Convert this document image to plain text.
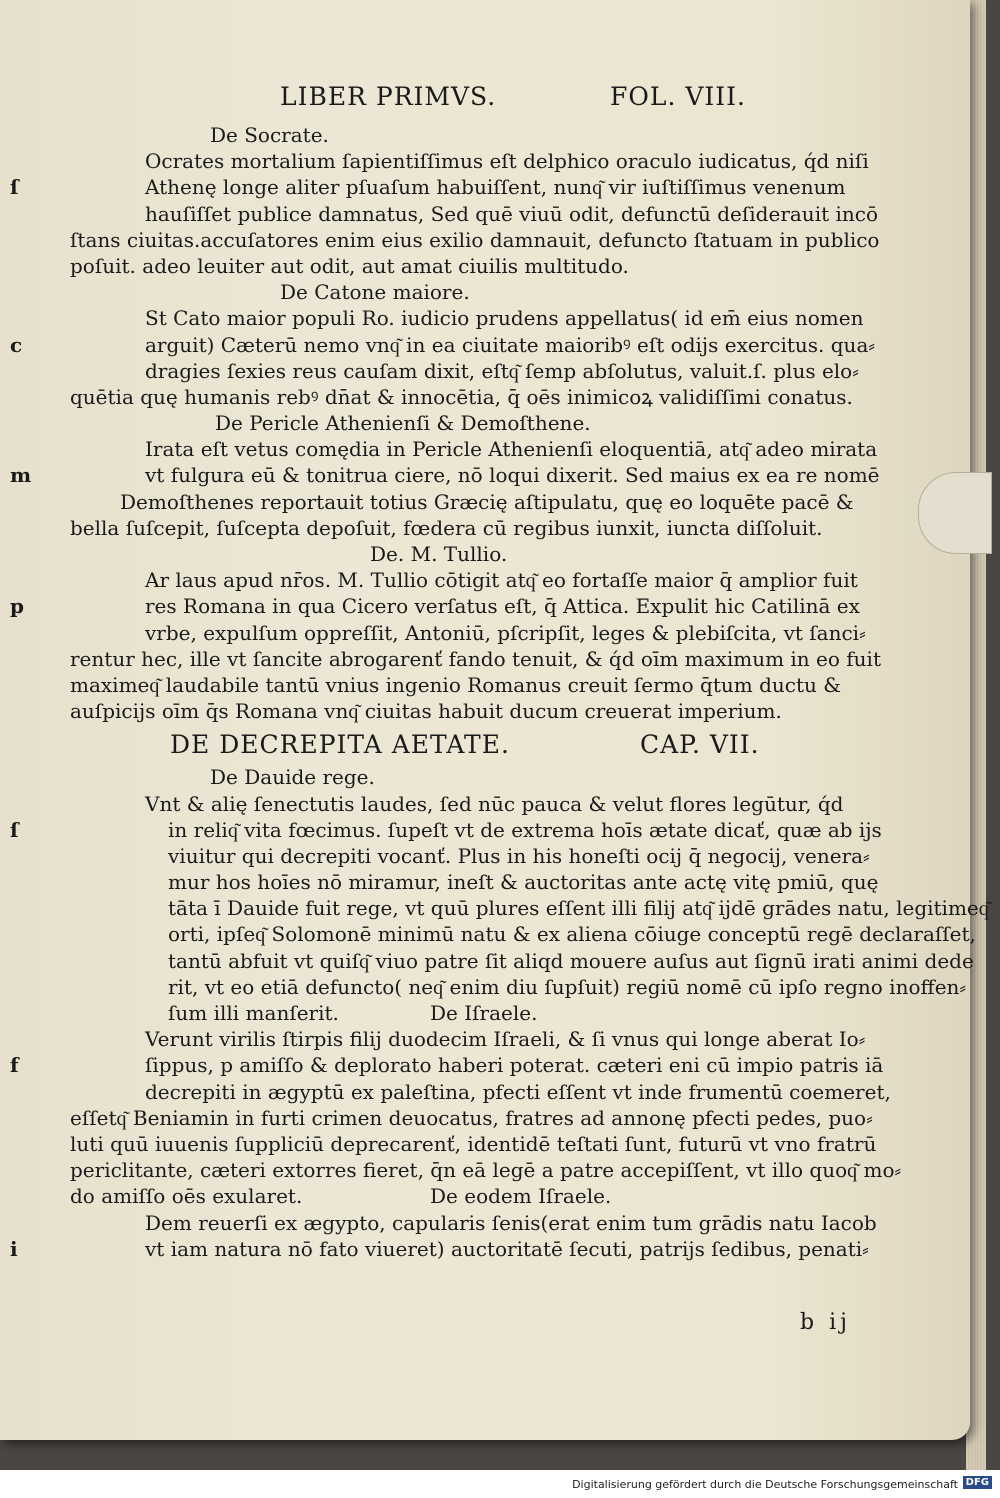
LIBER PRIMVS.	FOL. VIII.
De Socrate.
Ocrates mortalium ſapientiſſimus eſt delphico oraculo iudicatus, q́d niſi
Athenę longe aliter pſuaſum habuiſſent, nunq͂ vir iuſtiſſimus venenum
ſ
hauſiſſet publice damnatus, Sed quē viuū odit, defunctū deſiderauit incō
ſtans ciuitas.accuſatores enim eius exilio damnauit, defuncto ſtatuam in publico
poſuit. adeo leuiter aut odit, aut amat ciuilis multitudo.
De Catone maiore.
St Cato maior populi Ro. iudicio prudens appellatus( id em̄ eius nomen
arguit) Cæterū nemo vnq͂ in ea ciuitate maioribꝰ eſt odijs exercitus. qua⸗
c
dragies ſexies reus cauſam dixit, eſtq͂ ſemp abſolutus, valuit.ſ. plus elo⸗
quētia quę humanis rebꝰ dn̄at & innocētia, q̄ oēs inimicoꝝ validiſſimi conatus.
De Pericle Athenienſi & Demoſthene.
Irata eſt vetus comędia in Pericle Athenienſi eloquentiā, atq͂ adeo mirata
vt fulgura eū & tonitrua ciere, nō loqui dixerit. Sed maius ex ea re nomē
m
Demoſthenes reportauit totius Græcię aſtipulatu, quę eo loquēte pacē &
bella ſuſcepit, ſuſcepta depoſuit, fœdera cū regibus iunxit, iuncta diſſoluit.
De. M. Tullio.
Ar laus apud nr̄os. M. Tullio cōtigit atq͂ eo fortaſſe maior q̄ amplior fuit
res Romana in qua Cicero verſatus eſt, q̄ Attica. Expulit hic Catilinā ex
p
vrbe, expulſum oppreſſit, Antoniū, pſcripſit, leges & plebiſcita, vt ſanci⸗
rentur hec, ille vt ſancite abrogarenť fando tenuit, & q́d oīm maximum in eo fuit
maximeq͂ laudabile tantū vnius ingenio Romanus creuit ſermo q̄tum ductu &
auſpicijs oīm q̄s Romana vnq͂ ciuitas habuit ducum creuerat imperium.
DE DECREPITA AETATE.	CAP. VII.
De Dauide rege.
Vnt & alię ſenectutis laudes, ſed nūc pauca & velut flores legūtur, q́d
in reliq͂ vita fœcimus. ſupeſt vt de extrema hoīs ætate dicať, quæ ab ijs
ſ
viuitur qui decrepiti vocanť. Plus in his honeſti ocij q̄ negocij, venera⸗
mur hos hoīes nō miramur, ineſt & auctoritas ante actę vitę pmiū, quę
tāta ī Dauide fuit rege, vt quū plures eſſent illi filij atq͂ ijdē grādes natu, legitimeq͂
orti, ipſeq͂ Solomonē minimū natu & ex aliena cōiuge conceptū regē declaraſſet,
tantū abfuit vt quiſq͂ viuo patre ſit aliqd mouere auſus aut ſignū irati animi dede
rit, vt eo etiā defuncto( neq͂ enim diu ſupſuit) regiū nomē cū ipſo regno inoffen⸗
ſum illi manſerit.	De Iſraele.
Verunt virilis ſtirpis filij duodecim Iſraeli, & ſi vnus qui longe aberat Io⸗
ſippus, p amiſſo & deplorato haberi poterat. cæteri eni cū impio patris iā
f
decrepiti in ægyptū ex paleſtina, pfecti eſſent vt inde frumentū coemeret,
eſſetq͂ Beniamin in furti crimen deuocatus, fratres ad annonę pfecti pedes, puo⸗
luti quū iuuenis ſuppliciū deprecarenť, identidē teſtati ſunt, futurū vt vno fratrū
periclitante, cæteri extorres fieret, q̄n eā legē a patre accepiſſent, vt illo quoq͂ mo⸗
do amiſſo oēs exularet.	De eodem Iſraele.
Dem reuerſi ex ægypto, capularis ſenis(erat enim tum grādis natu Iacob
vt iam natura nō fato viueret) auctoritatē ſecuti, patrijs ſedibus, penati⸗
i
b ij
Digitalisierung gefördert durch die Deutsche Forschungsgemeinschaft DFG
